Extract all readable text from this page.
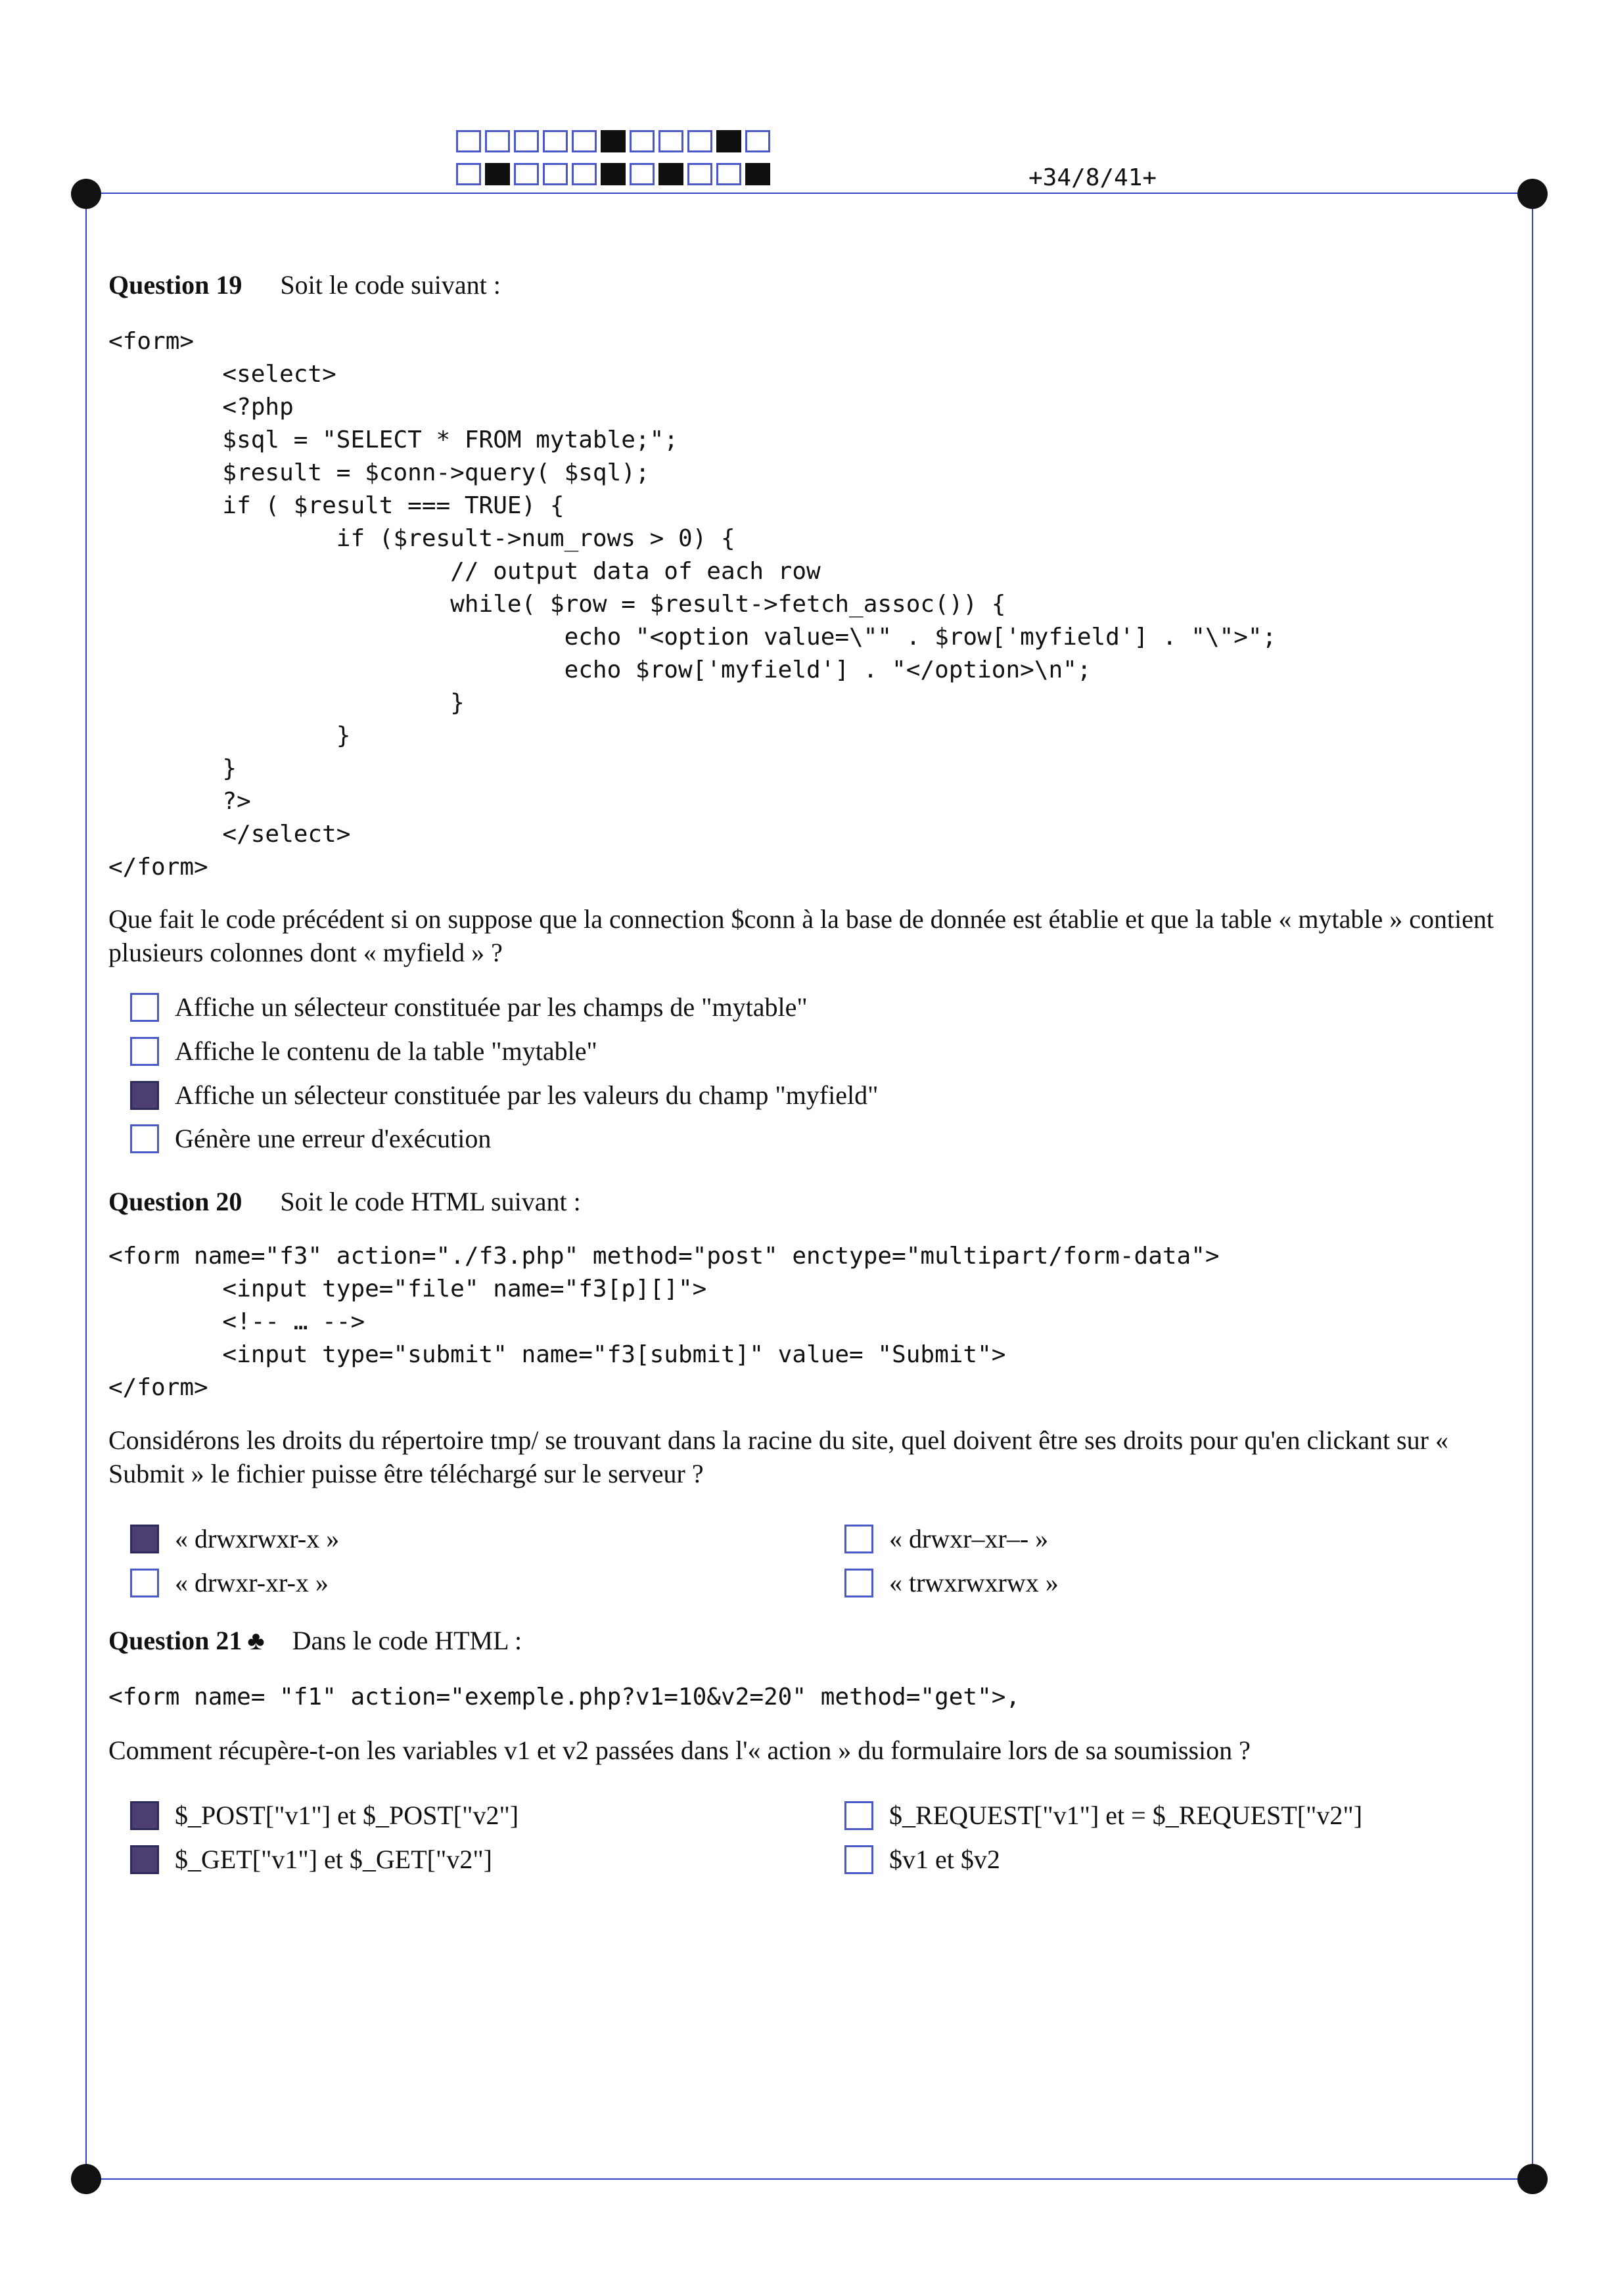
+34/8/41+
Question 19 Soit le code suivant :
<form>
<select>
<?php
$sql = "SELECT * FROM mytable;";
$result = $conn->query( $sql);
if ( $result === TRUE) {
if ($result->num_rows > 0) {
// output data of each row
while( $row = $result->fetch_assoc()) {
echo "<option value=\"" . $row['myfield'] . "\">";
echo $row['myfield'] . "</option>\n";
}
}
}
?>
</select>
</form>
Que fait le code précédent si on suppose que la connection $conn à la base de donnée est établie et que la table « mytable » contient plusieurs colonnes dont « myfield » ?
Affiche un sélecteur constituée par les champs de "mytable"
Affiche le contenu de la table "mytable"
Affiche un sélecteur constituée par les valeurs du champ "myfield"
Génère une erreur d'exécution
Question 20 Soit le code HTML suivant :
<form name="f3" action="./f3.php" method="post" enctype="multipart/form-data">
<input type="file" name="f3[p][]">
<!-- … -->
<input type="submit" name="f3[submit]" value= "Submit">
</form>
Considérons les droits du répertoire tmp/ se trouvant dans la racine du site, quel doivent être ses droits pour qu'en clickant sur « Submit » le fichier puisse être téléchargé sur le serveur ?
« drwxrwxr-x »	« drwxr–xr–- »
« drwxr-xr-x »	« trwxrwxrwx »
Question 21 ♣ Dans le code HTML :
<form name= "f1" action="exemple.php?v1=10&v2=20" method="get">,
Comment récupère-t-on les variables v1 et v2 passées dans l'« action » du formulaire lors de sa soumission ?
$_POST["v1"] et $_POST["v2"]	$_REQUEST["v1"] et = $_REQUEST["v2"]
$_GET["v1"] et $_GET["v2"]	$v1 et $v2
